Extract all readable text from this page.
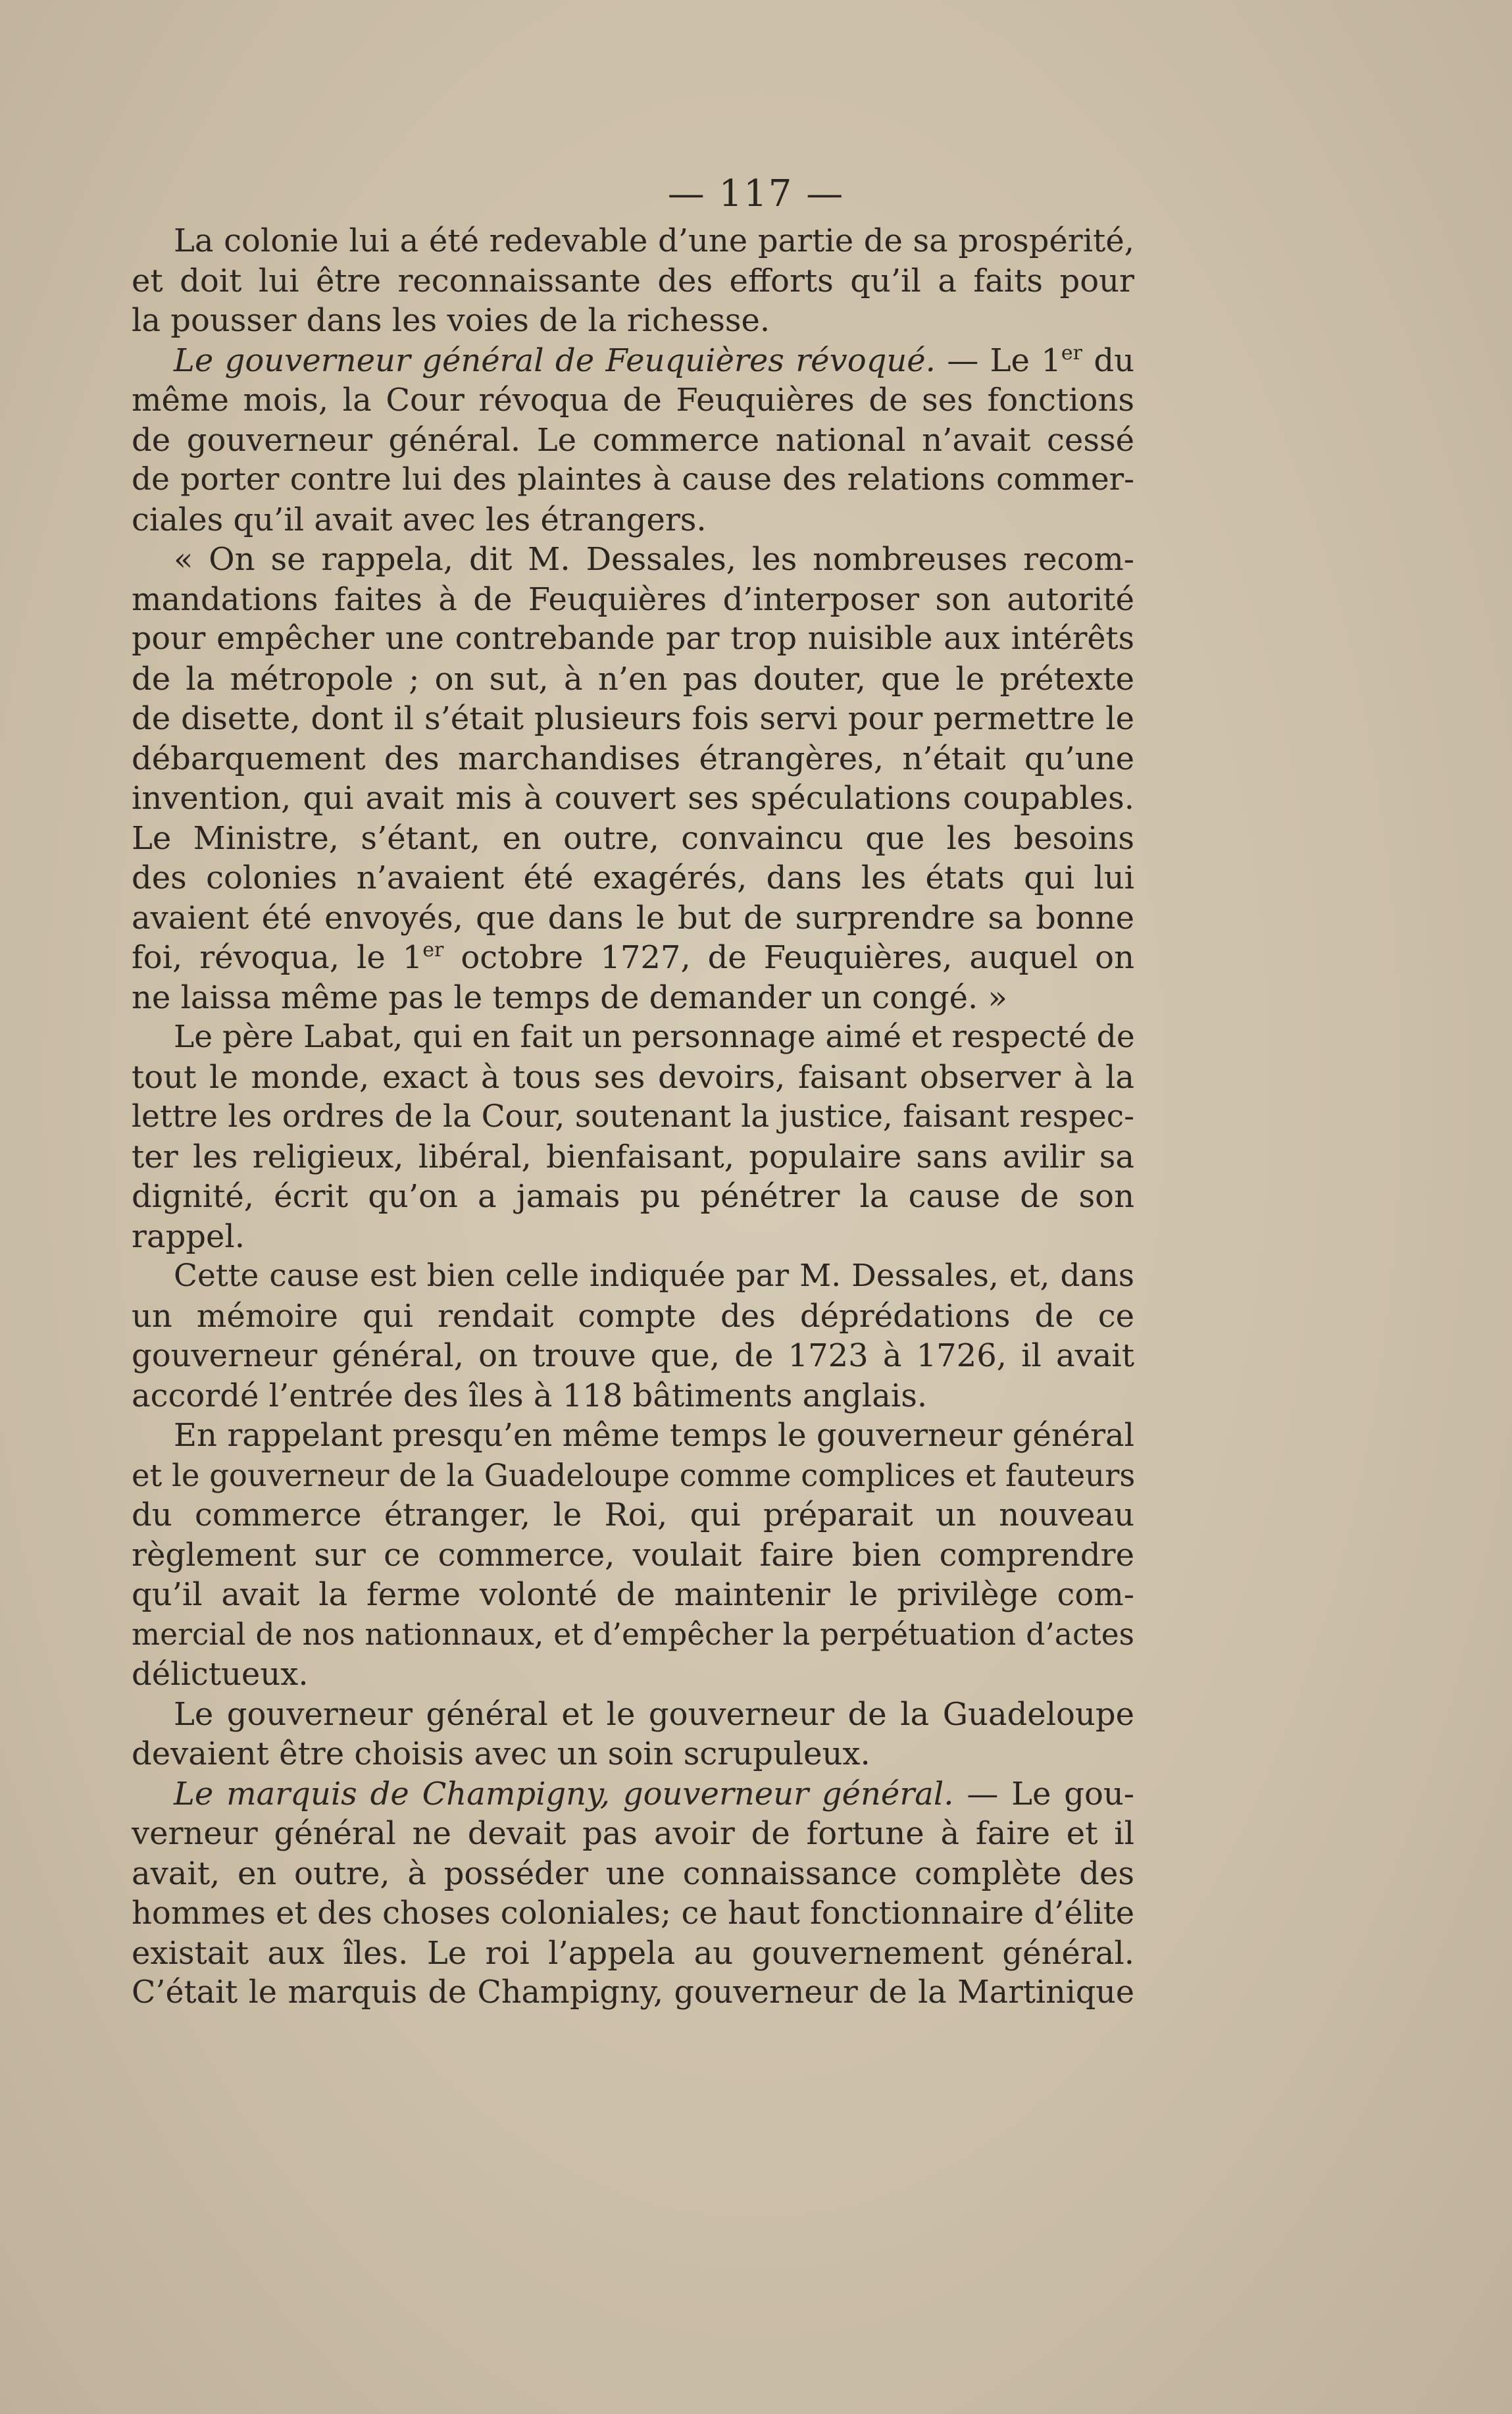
— 117 —
La colonie lui a été redevable d’une partie de sa prospérité,
et doit lui être reconnaissante des efforts qu’il a faits pour
la pousser dans les voies de la richesse.
Le gouverneur général de Feuquières révoqué. — Le 1er du
même mois, la Cour révoqua de Feuquières de ses fonctions
de gouverneur général. Le commerce national n’avait cessé
de porter contre lui des plaintes à cause des relations commer-
ciales qu’il avait avec les étrangers.
« On se rappela, dit M. Dessales, les nombreuses recom-
mandations faites à de Feuquières d’interposer son autorité
pour empêcher une contrebande par trop nuisible aux intérêts
de la métropole ; on sut, à n’en pas douter, que le prétexte
de disette, dont il s’était plusieurs fois servi pour permettre le
débarquement des marchandises étrangères, n’était qu’une
invention, qui avait mis à couvert ses spéculations coupables.
Le Ministre, s’étant, en outre, convaincu que les besoins
des colonies n’avaient été exagérés, dans les états qui lui
avaient été envoyés, que dans le but de surprendre sa bonne
foi, révoqua, le 1er octobre 1727, de Feuquières, auquel on
ne laissa même pas le temps de demander un congé. »
Le père Labat, qui en fait un personnage aimé et respecté de
tout le monde, exact à tous ses devoirs, faisant observer à la
lettre les ordres de la Cour, soutenant la justice, faisant respec-
ter les religieux, libéral, bienfaisant, populaire sans avilir sa
dignité, écrit qu’on a jamais pu pénétrer la cause de son
rappel.
Cette cause est bien celle indiquée par M. Dessales, et, dans
un mémoire qui rendait compte des déprédations de ce
gouverneur général, on trouve que, de 1723 à 1726, il avait
accordé l’entrée des îles à 118 bâtiments anglais.
En rappelant presqu’en même temps le gouverneur général
et le gouverneur de la Guadeloupe comme complices et fauteurs
du commerce étranger, le Roi, qui préparait un nouveau
règlement sur ce commerce, voulait faire bien comprendre
qu’il avait la ferme volonté de maintenir le privilège com-
mercial de nos nationnaux, et d’empêcher la perpétuation d’actes
délictueux.
Le gouverneur général et le gouverneur de la Guadeloupe
devaient être choisis avec un soin scrupuleux.
Le marquis de Champigny, gouverneur général. — Le gou-
verneur général ne devait pas avoir de fortune à faire et il
avait, en outre, à posséder une connaissance complète des
hommes et des choses coloniales; ce haut fonctionnaire d’élite
existait aux îles. Le roi l’appela au gouvernement général.
C’était le marquis de Champigny, gouverneur de la Martinique
